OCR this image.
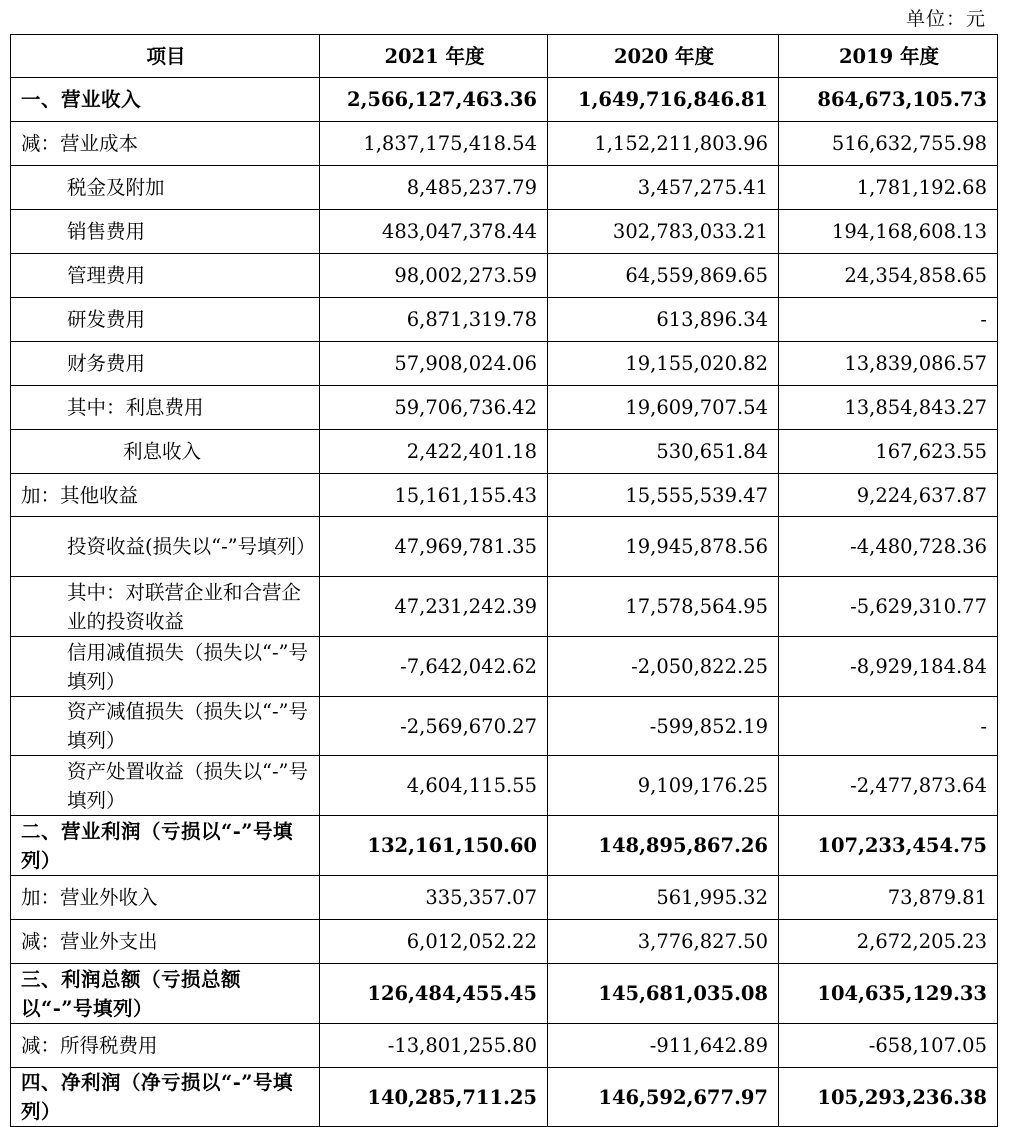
单位：元
项目	2021 年度	2020 年度	2019 年度
一、营业收入	2,566,127,463.36	1,649,716,846.81	864,673,105.73
减：营业成本	1,837,175,418.54	1,152,211,803.96	516,632,755.98
税金及附加	8,485,237.79	3,457,275.41	1,781,192.68
销售费用	483,047,378.44	302,783,033.21	194,168,608.13
管理费用	98,002,273.59	64,559,869.65	24,354,858.65
研发费用	6,871,319.78	613,896.34	-
财务费用	57,908,024.06	19,155,020.82	13,839,086.57
其中：利息费用	59,706,736.42	19,609,707.54	13,854,843.27
利息收入	2,422,401.18	530,651.84	167,623.55
加：其他收益	15,161,155.43	15,555,539.47	9,224,637.87
投资收益(损失以“-”号填列）	47,969,781.35	19,945,878.56	-4,480,728.36
其中：对联营企业和合营企业的投资收益	47,231,242.39	17,578,564.95	-5,629,310.77
信用减值损失（损失以“-”号填列）	-7,642,042.62	-2,050,822.25	-8,929,184.84
资产减值损失（损失以“-”号填列）	-2,569,670.27	-599,852.19	-
资产处置收益（损失以“-”号填列）	4,604,115.55	9,109,176.25	-2,477,873.64
二、营业利润（亏损以“-”号填列）	132,161,150.60	148,895,867.26	107,233,454.75
加：营业外收入	335,357.07	561,995.32	73,879.81
减：营业外支出	6,012,052.22	3,776,827.50	2,672,205.23
三、利润总额（亏损总额以“-”号填列）	126,484,455.45	145,681,035.08	104,635,129.33
减：所得税费用	-13,801,255.80	-911,642.89	-658,107.05
四、净利润（净亏损以“-”号填列）	140,285,711.25	146,592,677.97	105,293,236.38
